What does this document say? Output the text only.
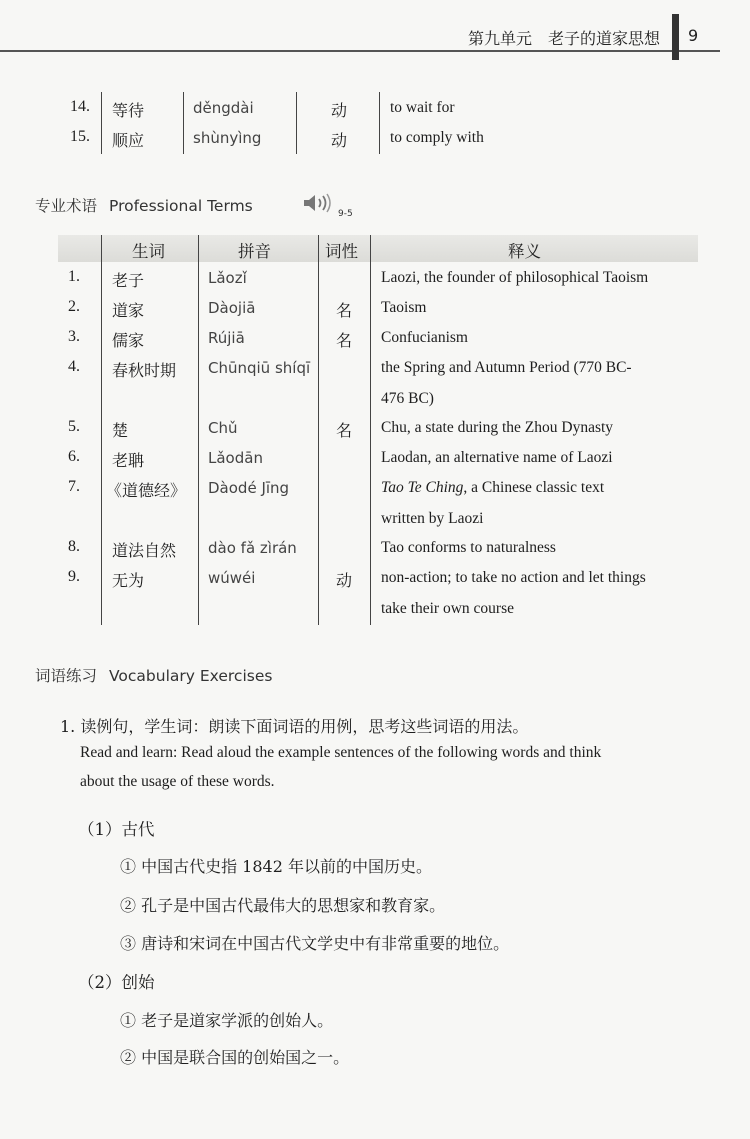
第九单元　老子的道家思想 9
14. 等待	děngdài	动	to wait for
15. 顺应	shùnyìng	动	to comply with
专业术语 Professional Terms	9-5
生词	拼音	词性	释义
1. 老子	Lǎozǐ	Laozi, the founder of philosophical Taoism
2. 道家	Dàojiā	名	Taoism
3. 儒家	Rújiā	名	Confucianism
4. 春秋时期 Chūnqiū shíqī	the Spring and Autumn Period (770 BC-
476 BC)
5. 楚	Chǔ	名	Chu, a state during the Zhou Dynasty
6. 老聃	Lǎodān	Laodan, an alternative name of Laozi
7. 《道德经》 Dàodé Jīng	Tao Te Ching, a Chinese classic text
written by Laozi
8. 道法自然 dào fǎ zìrán	Tao conforms to naturalness
9. 无为	wúwéi	动	non-action; to take no action and let things
take their own course
词语练习 Vocabulary Exercises
1. 读例句，学生词：朗读下面词语的用例，思考这些词语的用法。
Read and learn: Read aloud the example sentences of the following words and think
about the usage of these words.
（1）古代
① 中国古代史指 1842 年以前的中国历史。
② 孔子是中国古代最伟大的思想家和教育家。
③ 唐诗和宋词在中国古代文学史中有非常重要的地位。
（2）创始
① 老子是道家学派的创始人。
② 中国是联合国的创始国之一。
